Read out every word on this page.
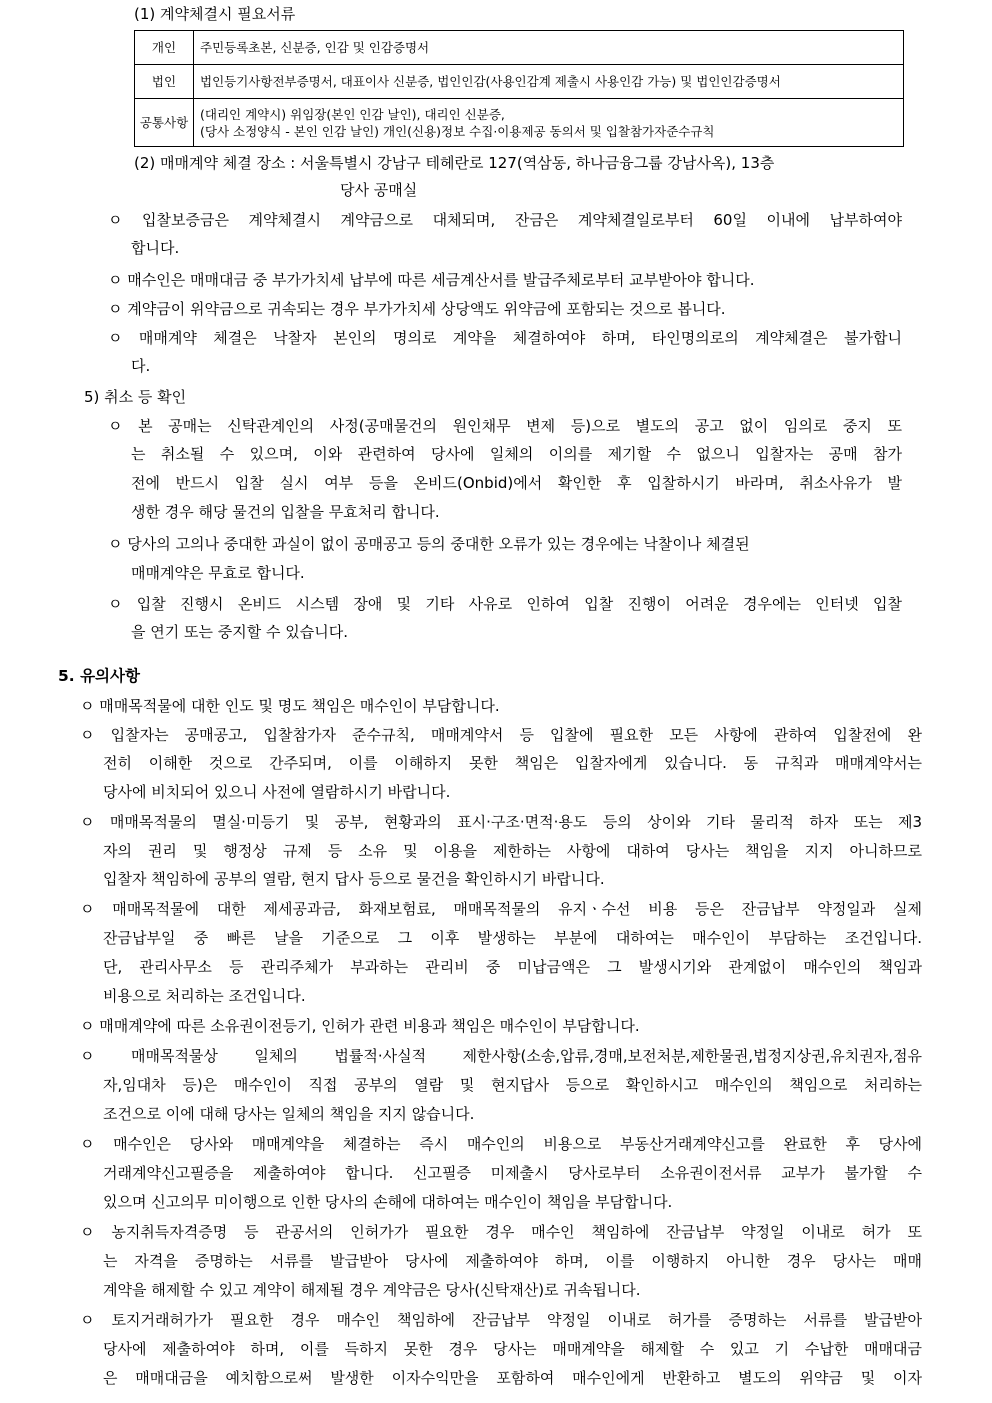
(1) 계약체결시 필요서류
개인	주민등록초본, 신분증, 인감 및 인감증명서
법인	법인등기사항전부증명서, 대표이사 신분증, 법인인감(사용인감계 제출시 사용인감 가능) 및 법인인감증명서
공통사항	(대리인 계약시) 위임장(본인 인감 날인), 대리인 신분증,
(당사 소정양식 - 본인 인감 날인) 개인(신용)정보 수집·이용제공 동의서 및 입찰참가자준수규칙
(2) 매매계약 체결 장소 : 서울특별시 강남구 테헤란로 127(역삼동, 하나금융그룹 강남사옥), 13층
당사 공매실
ㅇ 입찰보증금은 계약체결시 계약금으로 대체되며, 잔금은 계약체결일로부터 60일 이내에 납부하여야
합니다.
ㅇ 매수인은 매매대금 중 부가가치세 납부에 따른 세금계산서를 발급주체로부터 교부받아야 합니다.
ㅇ 계약금이 위약금으로 귀속되는 경우 부가가치세 상당액도 위약금에 포함되는 것으로 봅니다.
ㅇ 매매계약 체결은 낙찰자 본인의 명의로 계약을 체결하여야 하며, 타인명의로의 계약체결은 불가합니
다.
5) 취소 등 확인
ㅇ 본 공매는 신탁관계인의 사정(공매물건의 원인채무 변제 등)으로 별도의 공고 없이 임의로 중지 또
는 취소될 수 있으며, 이와 관련하여 당사에 일체의 이의를 제기할 수 없으니 입찰자는 공매 참가
전에 반드시 입찰 실시 여부 등을 온비드(Onbid)에서 확인한 후 입찰하시기 바라며, 취소사유가 발
생한 경우 해당 물건의 입찰을 무효처리 합니다.
ㅇ 당사의 고의나 중대한 과실이 없이 공매공고 등의 중대한 오류가 있는 경우에는 낙찰이나 체결된
매매계약은 무효로 합니다.
ㅇ 입찰 진행시 온비드 시스템 장애 및 기타 사유로 인하여 입찰 진행이 어려운 경우에는 인터넷 입찰
을 연기 또는 중지할 수 있습니다.
5. 유의사항
ㅇ 매매목적물에 대한 인도 및 명도 책임은 매수인이 부담합니다.
ㅇ 입찰자는 공매공고, 입찰참가자 준수규칙, 매매계약서 등 입찰에 필요한 모든 사항에 관하여 입찰전에 완
전히 이해한 것으로 간주되며, 이를 이해하지 못한 책임은 입찰자에게 있습니다. 동 규칙과 매매계약서는
당사에 비치되어 있으니 사전에 열람하시기 바랍니다.
ㅇ 매매목적물의 멸실·미등기 및 공부, 현황과의 표시·구조·면적·용도 등의 상이와 기타 물리적 하자 또는 제3
자의 권리 및 행정상 규제 등 소유 및 이용을 제한하는 사항에 대하여 당사는 책임을 지지 아니하므로
입찰자 책임하에 공부의 열람, 현지 답사 등으로 물건을 확인하시기 바랍니다.
ㅇ 매매목적물에 대한 제세공과금, 화재보험료, 매매목적물의 유지ㆍ수선 비용 등은 잔금납부 약정일과 실제
잔금납부일 중 빠른 날을 기준으로 그 이후 발생하는 부분에 대하여는 매수인이 부담하는 조건입니다.
단, 관리사무소 등 관리주체가 부과하는 관리비 중 미납금액은 그 발생시기와 관계없이 매수인의 책임과
비용으로 처리하는 조건입니다.
ㅇ 매매계약에 따른 소유권이전등기, 인허가 관련 비용과 책임은 매수인이 부담합니다.
ㅇ 매매목적물상 일체의 법률적·사실적 제한사항(소송,압류,경매,보전처분,제한물권,법정지상권,유치권자,점유
자,임대차 등)은 매수인이 직접 공부의 열람 및 현지답사 등으로 확인하시고 매수인의 책임으로 처리하는
조건으로 이에 대해 당사는 일체의 책임을 지지 않습니다.
ㅇ 매수인은 당사와 매매계약을 체결하는 즉시 매수인의 비용으로 부동산거래계약신고를 완료한 후 당사에
거래계약신고필증을 제출하여야 합니다. 신고필증 미제출시 당사로부터 소유권이전서류 교부가 불가할 수
있으며 신고의무 미이행으로 인한 당사의 손해에 대하여는 매수인이 책임을 부담합니다.
ㅇ 농지취득자격증명 등 관공서의 인허가가 필요한 경우 매수인 책임하에 잔금납부 약정일 이내로 허가 또
는 자격을 증명하는 서류를 발급받아 당사에 제출하여야 하며, 이를 이행하지 아니한 경우 당사는 매매
계약을 해제할 수 있고 계약이 해제될 경우 계약금은 당사(신탁재산)로 귀속됩니다.
ㅇ 토지거래허가가 필요한 경우 매수인 책임하에 잔금납부 약정일 이내로 허가를 증명하는 서류를 발급받아
당사에 제출하여야 하며, 이를 득하지 못한 경우 당사는 매매계약을 해제할 수 있고 기 수납한 매매대금
은 매매대금을 예치함으로써 발생한 이자수익만을 포함하여 매수인에게 반환하고 별도의 위약금 및 이자
